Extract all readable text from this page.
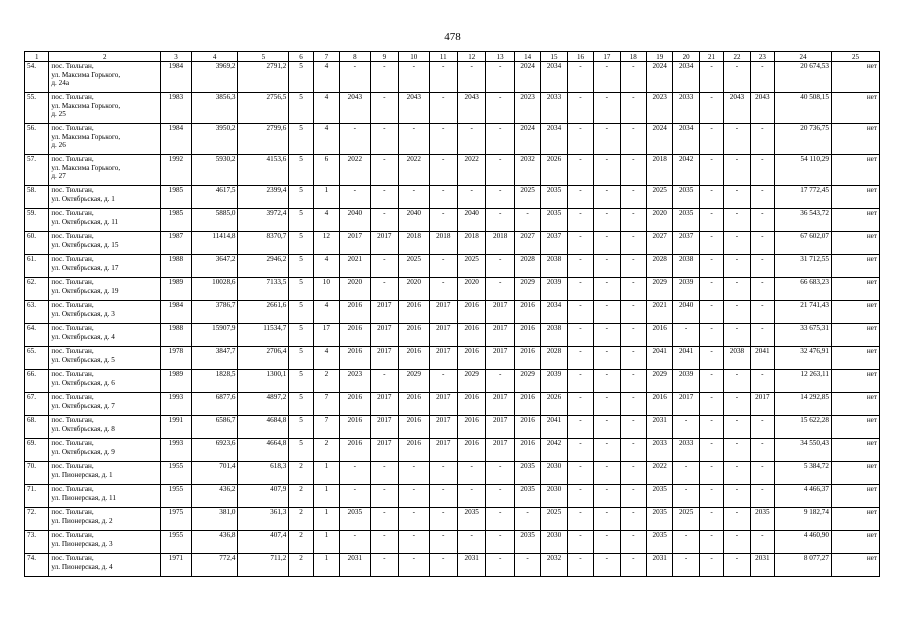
478
1	2	3	4	5	6	7	8	9	10	11	12	13	14	15	16	17	18	19	20	21	22	23	24	25
54.	пос. Тюльган,
ул. Максима Горького,
д. 24а	1984	3969,2	2791,2	5	4	-	-	-	-	-	-	2024	2034	-	-	-	2024	2034	-	-	-	20 674,53	нет
55.	пос. Тюльган,
ул. Максима Горького,
д. 25	1983	3856,3	2756,5	5	4	2043	-	2043	-	2043	-	2023	2033	-	-	-	2023	2033	-	2043	2043	40 508,15	нет
56.	пос. Тюльган,
ул. Максима Горького,
д. 26	1984	3950,2	2799,6	5	4	-	-	-	-	-	-	2024	2034	-	-	-	2024	2034	-	-	-	20 736,75	нет
57.	пос. Тюльган,
ул. Максима Горького,
д. 27	1992	5930,2	4153,6	5	6	2022	-	2022	-	2022	-	2032	2026	-	-	-	2018	2042	-	-	-	54 110,29	нет
58.	пос. Тюльган,
ул. Октябрьская, д. 1	1985	4617,5	2399,4	5	1	-	-	-	-	-	-	2025	2035	-	-	-	2025	2035	-	-	-	17 772,45	нет
59.	пос. Тюльган,
ул. Октябрьская, д. 11	1985	5885,0	3972,4	5	4	2040	-	2040	-	2040	-	-	2035	-	-	-	2020	2035	-	-	-	36 543,72	нет
60.	пос. Тюльган,
ул. Октябрьская, д. 15	1987	11414,8	8370,7	5	12	2017	2017	2018	2018	2018	2018	2027	2037	-	-	-	2027	2037	-	-	-	67 602,07	нет
61.	пос. Тюльган,
ул. Октябрьская, д. 17	1988	3647,2	2946,2	5	4	2021	-	2025	-	2025	-	2028	2038	-	-	-	2028	2038	-	-	-	31 712,55	нет
62.	пос. Тюльган,
ул. Октябрьская, д. 19	1989	10028,6	7133,5	5	10	2020	-	2020	-	2020	-	2029	2039	-	-	-	2029	2039	-	-	-	66 683,23	нет
63.	пос. Тюльган,
ул. Октябрьская, д. 3	1984	3786,7	2661,6	5	4	2016	2017	2016	2017	2016	2017	2016	2034	-	-	-	2021	2040	-	-	-	21 741,43	нет
64.	пос. Тюльган,
ул. Октябрьская, д. 4	1988	15907,9	11534,7	5	17	2016	2017	2016	2017	2016	2017	2016	2038	-	-	-	2016	-	-	-	-	33 675,31	нет
65.	пос. Тюльган,
ул. Октябрьская, д. 5	1978	3847,7	2706,4	5	4	2016	2017	2016	2017	2016	2017	2016	2028	-	-	-	2041	2041	-	2038	2041	32 476,91	нет
66.	пос. Тюльган,
ул. Октябрьская, д. 6	1989	1828,5	1300,1	5	2	2023	-	2029	-	2029	-	2029	2039	-	-	-	2029	2039	-	-	-	12 263,11	нет
67.	пос. Тюльган,
ул. Октябрьская, д. 7	1993	6877,6	4897,2	5	7	2016	2017	2016	2017	2016	2017	2016	2026	-	-	-	2016	2017	-	-	2017	14 292,85	нет
68.	пос. Тюльган,
ул. Октябрьская, д. 8	1991	6586,7	4684,8	5	7	2016	2017	2016	2017	2016	2017	2016	2041	-	-	-	2031	-	-	-	-	15 622,28	нет
69.	пос. Тюльган,
ул. Октябрьская, д. 9	1993	6923,6	4664,8	5	2	2016	2017	2016	2017	2016	2017	2016	2042	-	-	-	2033	2033	-	-	-	34 550,43	нет
70.	пос. Тюльган,
ул. Пионерская, д. 1	1955	701,4	618,3	2	1	-	-	-	-	-	-	2035	2030	-	-	-	2022	-	-	-	-	5 384,72	нет
71.	пос. Тюльган,
ул. Пионерская, д. 11	1955	436,2	407,9	2	1	-	-	-	-	-	-	2035	2030	-	-	-	2035	-	-	-	-	4 466,37	нет
72.	пос. Тюльган,
ул. Пионерская, д. 2	1975	381,0	361,3	2	1	2035	-	-	-	2035	-	-	2025	-	-	-	2035	2025	-	-	2035	9 182,74	нет
73.	пос. Тюльган,
ул. Пионерская, д. 3	1955	436,8	407,4	2	1	-	-	-	-	-	-	2035	2030	-	-	-	2035	-	-	-	-	4 460,90	нет
74.	пос. Тюльган,
ул. Пионерская, д. 4	1971	772,4	711,2	2	1	2031	-	-	-	2031	-	-	2032	-	-	-	2031	-	-	-	2031	8 077,27	нет
